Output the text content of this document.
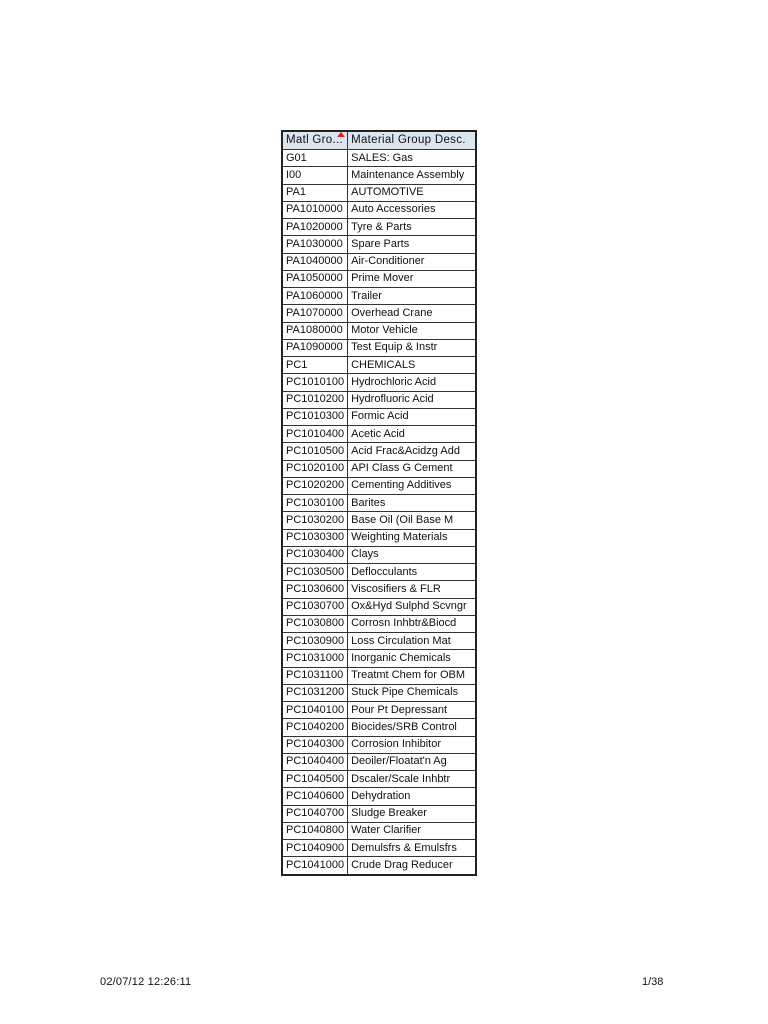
Matl Gro...	Material Group Desc.
G01	SALES: Gas
I00	Maintenance Assembly
PA1	AUTOMOTIVE
PA1010000	Auto Accessories
PA1020000	Tyre & Parts
PA1030000	Spare Parts
PA1040000	Air-Conditioner
PA1050000	Prime Mover
PA1060000	Trailer
PA1070000	Overhead Crane
PA1080000	Motor Vehicle
PA1090000	Test Equip & Instr
PC1	CHEMICALS
PC1010100	Hydrochloric Acid
PC1010200	Hydrofluoric Acid
PC1010300	Formic Acid
PC1010400	Acetic Acid
PC1010500	Acid Frac&Acidzg Add
PC1020100	API Class G Cement
PC1020200	Cementing Additives
PC1030100	Barites
PC1030200	Base Oil (Oil Base M
PC1030300	Weighting Materials
PC1030400	Clays
PC1030500	Deflocculants
PC1030600	Viscosifiers & FLR
PC1030700	Ox&Hyd Sulphd Scvngr
PC1030800	Corrosn Inhbtr&Biocd
PC1030900	Loss Circulation Mat
PC1031000	Inorganic Chemicals
PC1031100	Treatmt Chem for OBM
PC1031200	Stuck Pipe Chemicals
PC1040100	Pour Pt Depressant
PC1040200	Biocides/SRB Control
PC1040300	Corrosion Inhibitor
PC1040400	Deoiler/Floatat'n Ag
PC1040500	Dscaler/Scale Inhbtr
PC1040600	Dehydration
PC1040700	Sludge Breaker
PC1040800	Water Clarifier
PC1040900	Demulsfrs & Emulsfrs
PC1041000	Crude Drag Reducer
02/07/12 12:26:11	1/38
